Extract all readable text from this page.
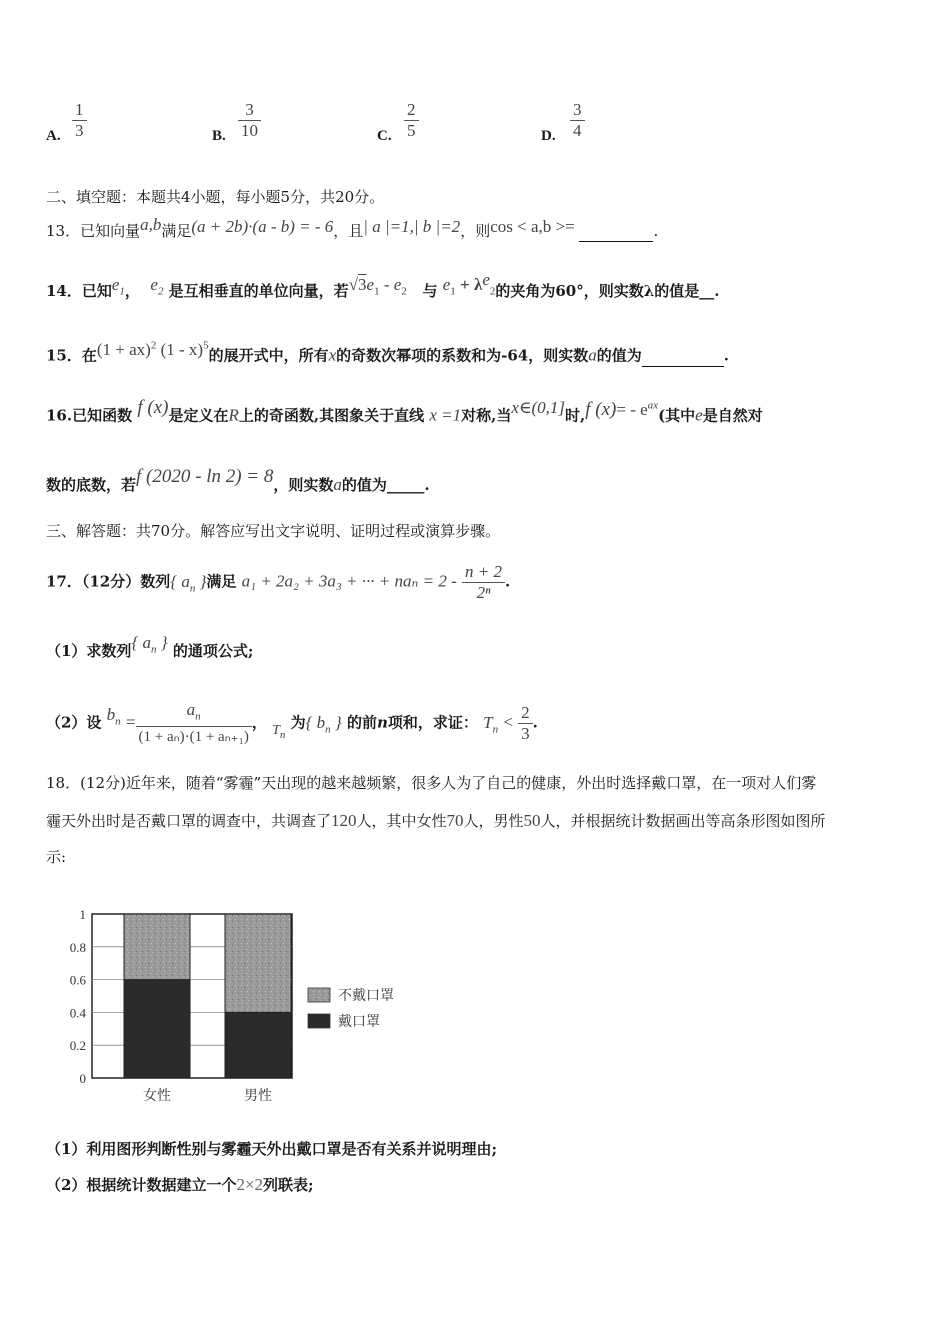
A. $\frac{1}{3}$	B. $\frac{3}{10}$	C. $\frac{2}{5}$	D. $\frac{3}{4}$
二、填空题：本题共4小题，每小题5分，共20分。
13．已知向量a,b满足(a + 2b)·(a - b) = - 6，且| a |=1,| b |=2，则cos < a,b >=	.
14．已知$e_1$， $e_2$ 是互相垂直的单位向量，若$√3e_1 - e_2$ 与 $e_1 + \lambda e_2$的夹角为60°，则实数λ的值是__.
15．在(1 + ax)$^2$ (1 - x)$^5$的展开式中，所有x的奇数次幂项的系数和为-64，则实数a的值为	.
16.已知函数 f (x)是定义在R上的奇函数,其图象关于直线 x =1对称,当x∈(0,1]时,f $(x)= - e^{ax}$(其中e是自然对
数的底数，若f (2020 - ln 2) = 8，则实数a的值为_____.
三、解答题：共70分。解答应写出文字说明、证明过程或演算步骤。
17．（12分）数列{ $a_n$ }满足 a₁ + 2a₂ + 3a₃ + ··· + $na_n = 2 - \frac{n + 2}{\text{2ⁿ}}$ .
（1）求数列{ $a_n$ } 的通项公式;
（2）设 $b_n = \frac{a_n}{\text{(1 + aₙ)·(1 + aₙ₊₁)}}$ ， $T_n$ 为{ $b_n$ } 的前n项和，求证： $T_n < \frac{2}{3}$ .
18．(12分)近年来，随着“雾霾”天出现的越来越频繁，很多人为了自己的健康，外出时选择戴口罩，在一项对人们雾
霾天外出时是否戴口罩的调查中，共调查了120人，其中女性70人，男性50人，并根据统计数据画出等高条形图如图所
示:
0
0.2
0.4
0.6
0.8
1
女性	男性
不戴口罩
戴口罩
（1）利用图形判断性别与雾霾天外出戴口罩是否有关系并说明理由;
（2）根据统计数据建立一个2×2列联表;
